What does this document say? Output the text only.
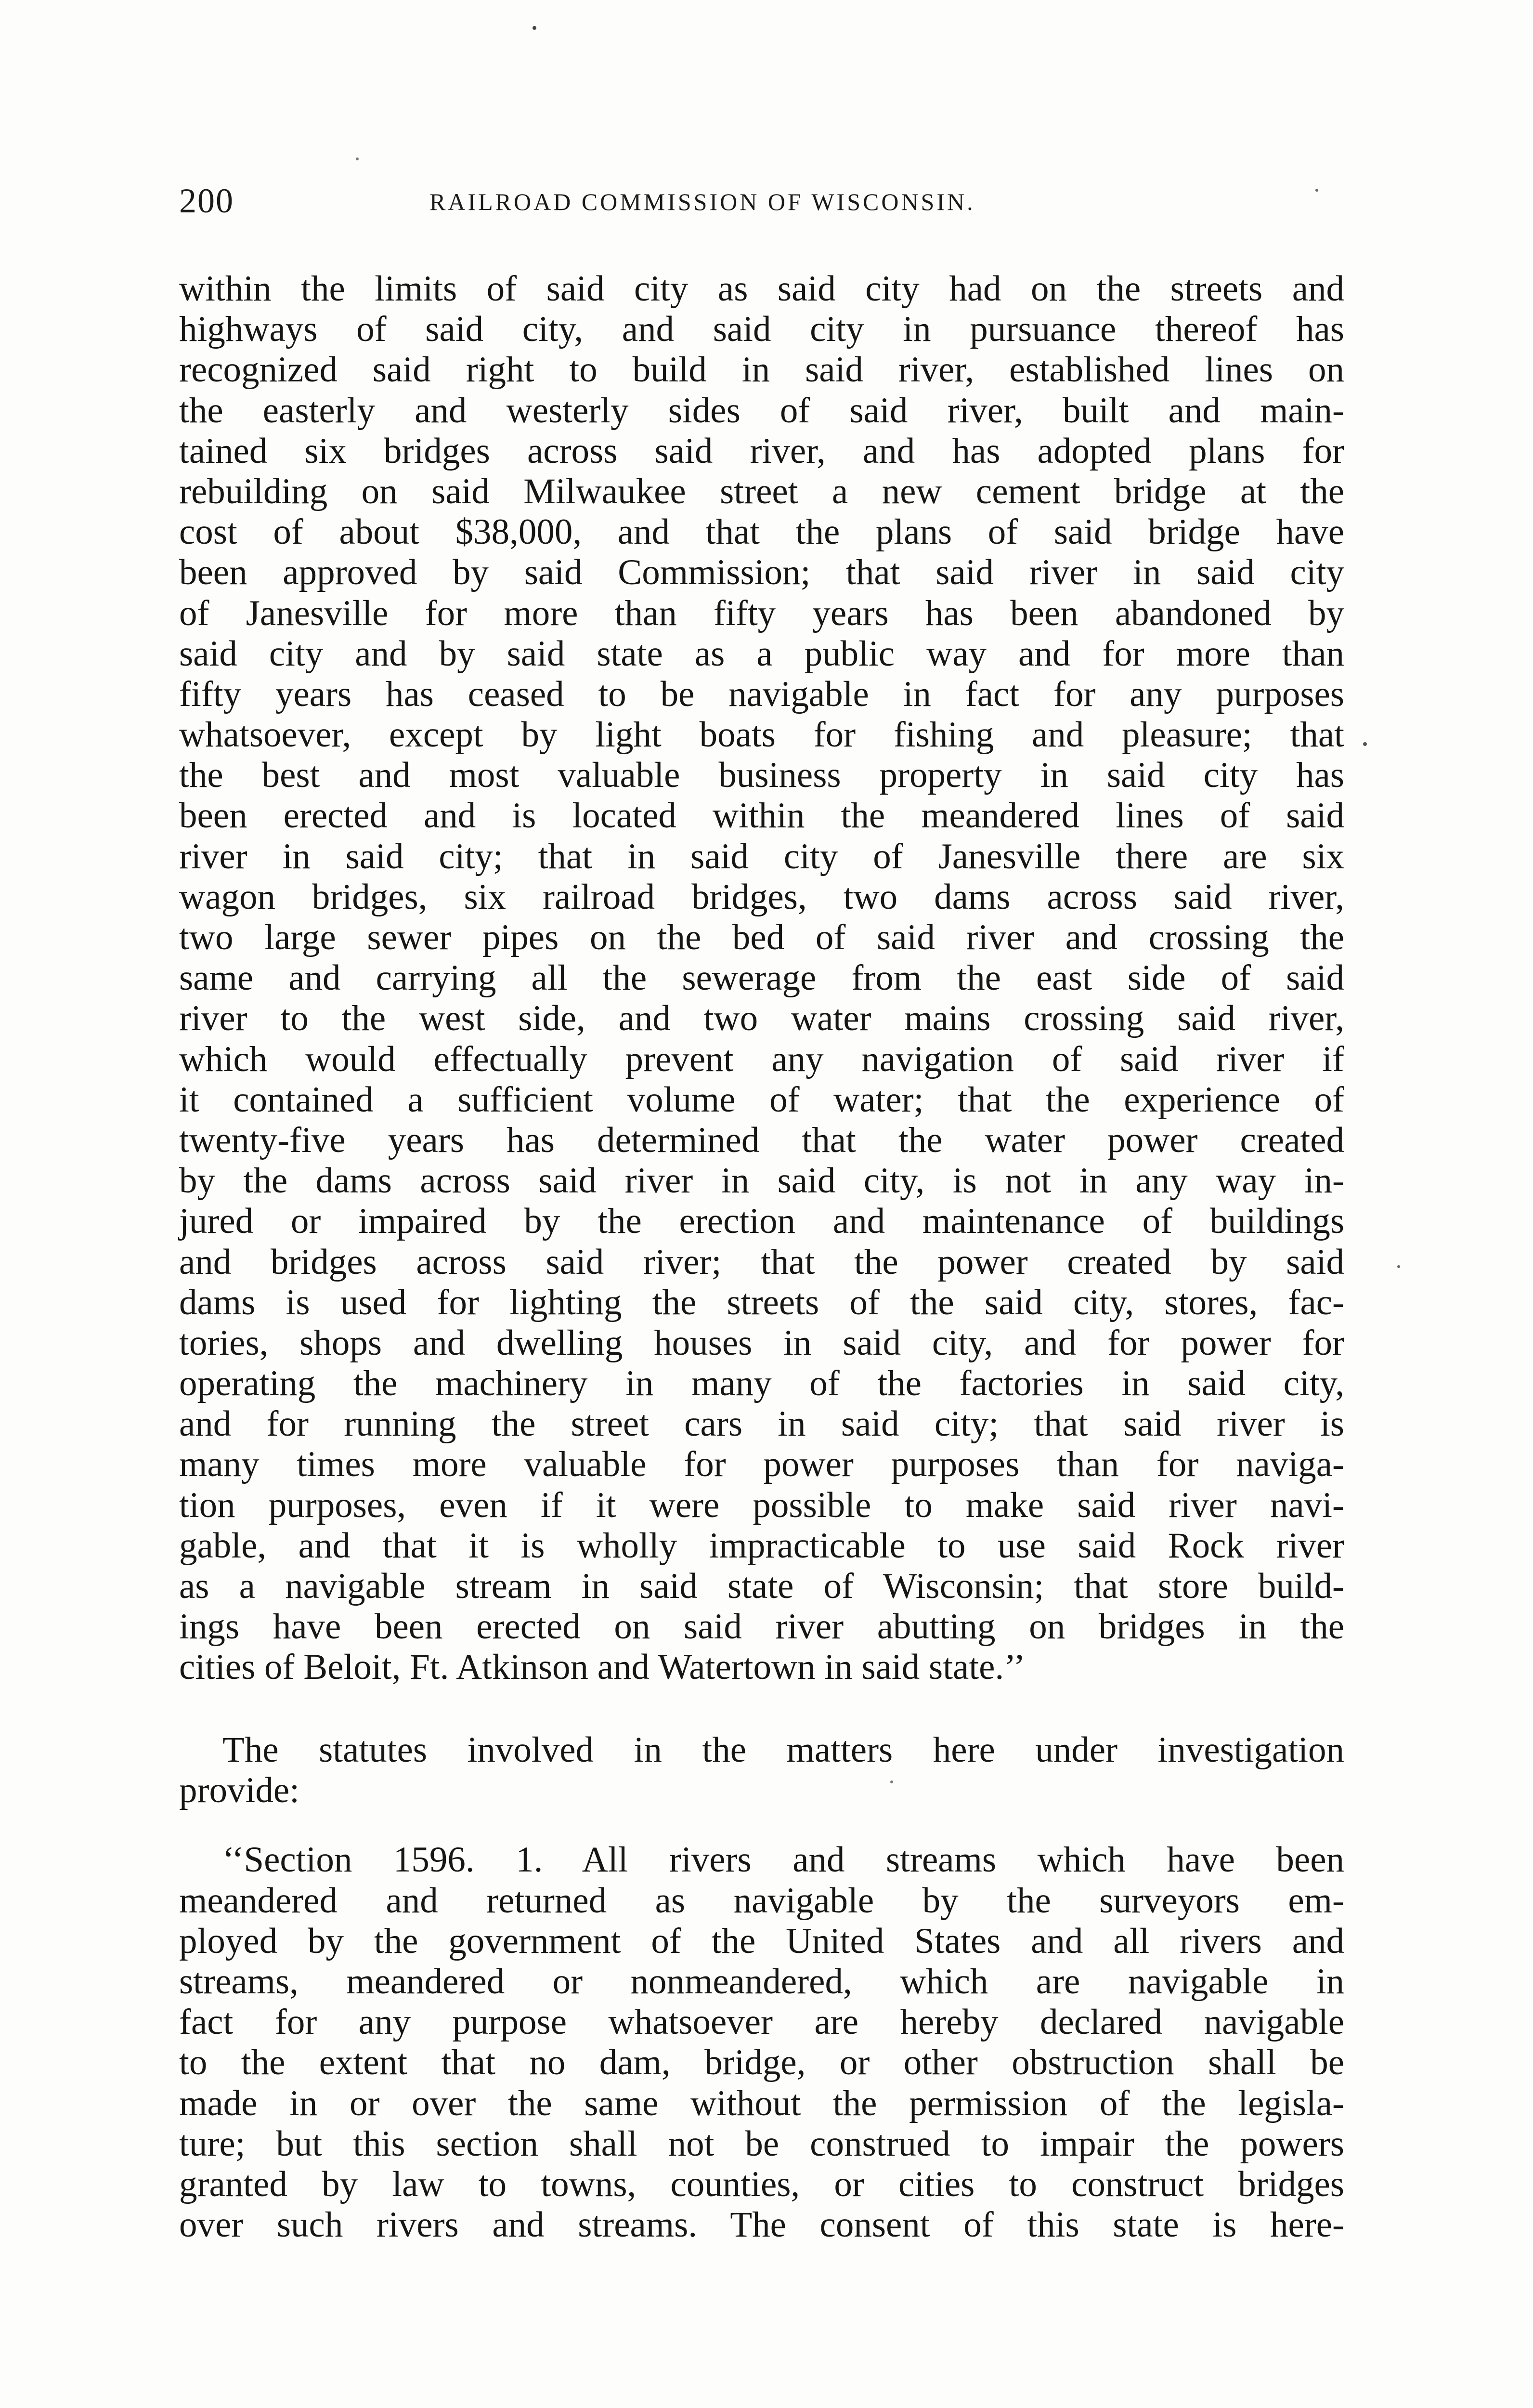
200	RAILROAD COMMISSION OF WISCONSIN.
within the limits of said city as said city had on the streets and
highways of said city, and said city in pursuance thereof has
recognized said right to build in said river, established lines on
the easterly and westerly sides of said river, built and main-
tained six bridges across said river, and has adopted plans for
rebuilding on said Milwaukee street a new cement bridge at the
cost of about $38,000, and that the plans of said bridge have
been approved by said Commission; that said river in said city
of Janesville for more than fifty years has been abandoned by
said city and by said state as a public way and for more than
fifty years has ceased to be navigable in fact for any purposes
whatsoever, except by light boats for fishing and pleasure; that
the best and most valuable business property in said city has
been erected and is located within the meandered lines of said
river in said city; that in said city of Janesville there are six
wagon bridges, six railroad bridges, two dams across said river,
two large sewer pipes on the bed of said river and crossing the
same and carrying all the sewerage from the east side of said
river to the west side, and two water mains crossing said river,
which would effectually prevent any navigation of said river if
it contained a sufficient volume of water; that the experience of
twenty-five years has determined that the water power created
by the dams across said river in said city, is not in any way in-
jured or impaired by the erection and maintenance of buildings
and bridges across said river; that the power created by said
dams is used for lighting the streets of the said city, stores, fac-
tories, shops and dwelling houses in said city, and for power for
operating the machinery in many of the factories in said city,
and for running the street cars in said city; that said river is
many times more valuable for power purposes than for naviga-
tion purposes, even if it were possible to make said river navi-
gable, and that it is wholly impracticable to use said Rock river
as a navigable stream in said state of Wisconsin; that store build-
ings have been erected on said river abutting on bridges in the
cities of Beloit, Ft. Atkinson and Watertown in said state.’’
The statutes involved in the matters here under investigation
provide:
‘‘Section 1596. 1. All rivers and streams which have been
meandered and returned as navigable by the surveyors em-
ployed by the government of the United States and all rivers and
streams, meandered or nonmeandered, which are navigable in
fact for any purpose whatsoever are hereby declared navigable
to the extent that no dam, bridge, or other obstruction shall be
made in or over the same without the permission of the legisla-
ture; but this section shall not be construed to impair the powers
granted by law to towns, counties, or cities to construct bridges
over such rivers and streams. The consent of this state is here-
